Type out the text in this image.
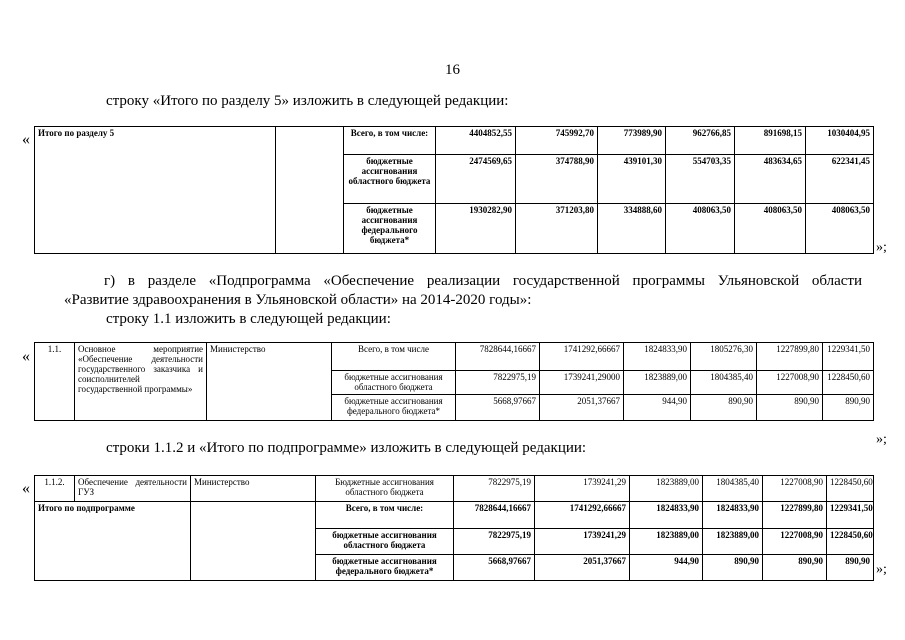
16
строку «Итого по разделу 5» изложить в следующей редакции:
« Итого по разделу 5		Всего, в том числе:	4404852,55	745992,70	773989,90	962766,85	891698,15	1030404,95
		бюджетные ассигнования областного бюджета	2474569,65	374788,90	439101,30	554703,35	483634,65	622341,45
		бюджетные ассигнования федерального бюджета*	1930282,90	371203,80	334888,60	408063,50	408063,50	408063,50
»;
г) в разделе «Подпрограмма «Обеспечение реализации государственной программы Ульяновской области
«Развитие здравоохранения в Ульяновской области» на 2014-2020 годы»:
строку 1.1 изложить в следующей редакции:
« 1.1.	Основное мероприятие «Обеспечение деятельности государственного заказчика и соисполнителей государственной программы»	Министерство	Всего, в том числе	7828644,16667	1741292,66667	1824833,90	1805276,30	1227899,80	1229341,50
			бюджетные ассигнования областного бюджета	7822975,19	1739241,29000	1823889,00	1804385,40	1227008,90	1228450,60
			бюджетные ассигнования федерального бюджета*	5668,97667	2051,37667	944,90	890,90	890,90	890,90
»;
строки 1.1.2 и «Итого по подпрограмме» изложить в следующей редакции:
« 1.1.2.	Обеспечение деятельности ГУЗ	Министерство	Бюджетные ассигнования областного бюджета	7822975,19	1739241,29	1823889,00	1804385,40	1227008,90	1228450,60
Итого по подпрограмме			Всего, в том числе:	7828644,16667	1741292,66667	1824833,90	1824833,90	1227899,80	1229341,50
			бюджетные ассигнования областного бюджета	7822975,19	1739241,29	1823889,00	1823889,00	1227008,90	1228450,60
			бюджетные ассигнования федерального бюджета*	5668,97667	2051,37667	944,90	890,90	890,90	890,90
»;
